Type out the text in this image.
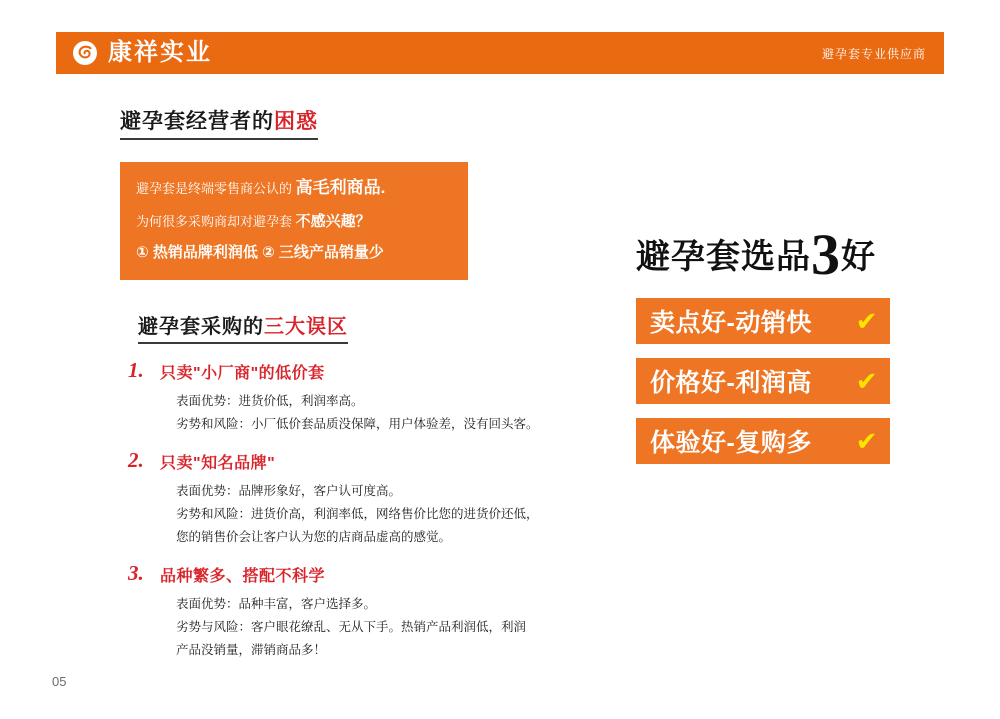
康祥实业	避孕套专业供应商
避孕套经营者的困惑
避孕套是终端零售商公认的 高毛利商品.
为何很多采购商却对避孕套 不感兴趣？
① 热销品牌利润低 ② 三线产品销量少
避孕套采购的三大误区
1. 只卖"小厂商"的低价套

表面优势：进货价低，利润率高。

劣势和风险：小厂低价套品质没保障，用户体验差，没有回头客。

2. 只卖"知名品牌"

表面优势：品牌形象好，客户认可度高。

劣势和风险：进货价高，利润率低，网络售价比您的进货价还低，

您的销售价会让客户认为您的店商品虚高的感觉。

3. 品种繁多、搭配不科学

表面优势：品种丰富，客户选择多。

劣势与风险：客户眼花缭乱、无从下手。热销产品利润低，利润

产品没销量，滞销商品多！

避孕套选品3好
卖点好-动销快 ✔
价格好-利润高 ✔
体验好-复购多 ✔
05
